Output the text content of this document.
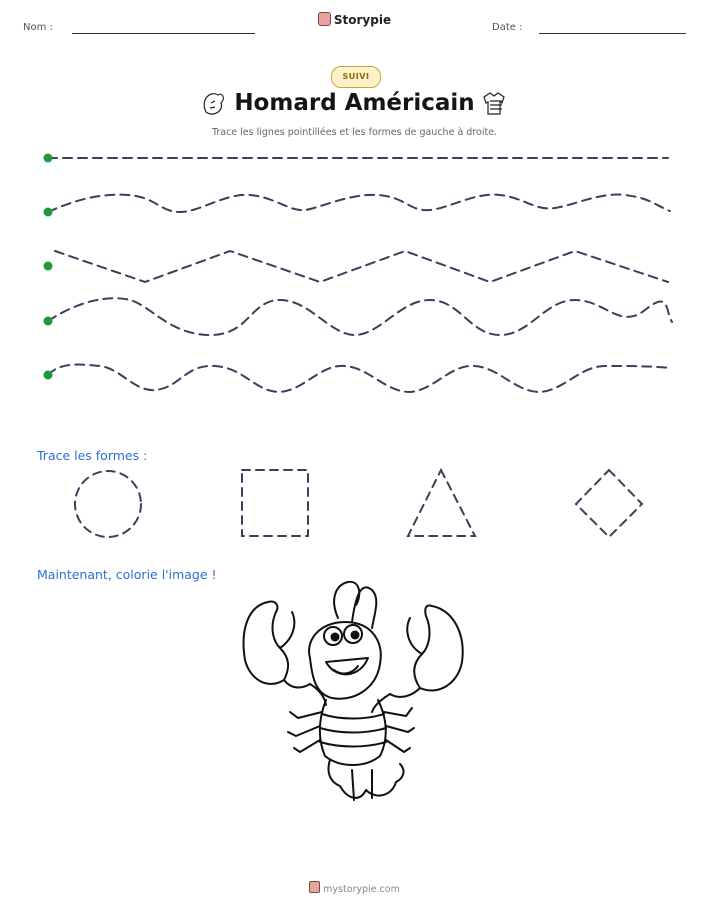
Nom :
Storypie
Date :
SUIVI
Homard Américain
Trace les lignes pointillées et les formes de gauche à droite.
Trace les formes :
Maintenant, colorie l'image !
mystorypie.com
